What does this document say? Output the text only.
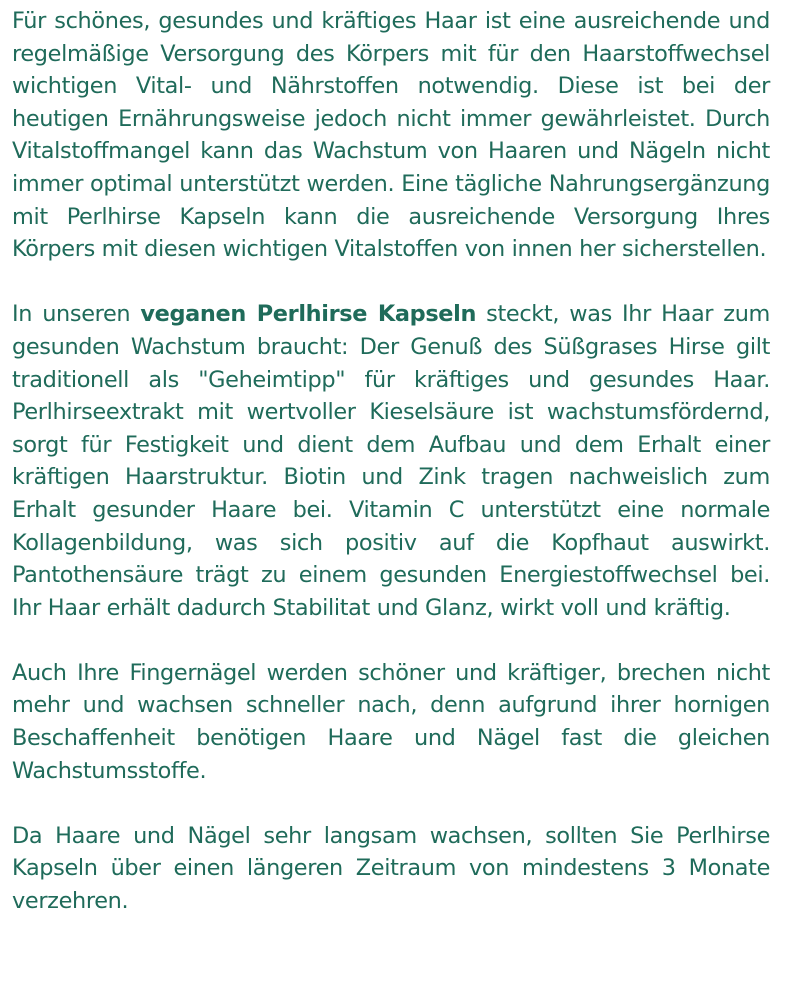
Für schönes, gesundes und kräftiges Haar ist eine ausreichende und regelmäßige Versorgung des Körpers mit für den Haarstoffwechsel wichtigen Vital- und Nährstoffen notwendig. Diese ist bei der heutigen Ernährungsweise jedoch nicht immer gewährleistet. Durch Vitalstoffmangel kann das Wachstum von Haaren und Nägeln nicht immer optimal unterstützt werden. Eine tägliche Nahrungsergänzung mit Perlhirse Kapseln kann die ausreichende Versorgung Ihres Körpers mit diesen wichtigen Vitalstoffen von innen her sicherstellen.

In unseren veganen Perlhirse Kapseln steckt, was Ihr Haar zum gesunden Wachstum braucht: Der Genuß des Süßgrases Hirse gilt traditionell als "Geheimtipp" für kräftiges und gesundes Haar. Perlhirseextrakt mit wertvoller Kieselsäure ist wachstumsfördernd, sorgt für Festigkeit und dient dem Aufbau und dem Erhalt einer kräftigen Haarstruktur. Biotin und Zink tragen nachweislich zum Erhalt gesunder Haare bei. Vitamin C unterstützt eine normale Kollagenbildung, was sich positiv auf die Kopfhaut auswirkt. Pantothensäure trägt zu einem gesunden Energiestoffwechsel bei. Ihr Haar erhält dadurch Stabilitat und Glanz, wirkt voll und kräftig.

Auch Ihre Fingernägel werden schöner und kräftiger, brechen nicht mehr und wachsen schneller nach, denn aufgrund ihrer hornigen Beschaffenheit benötigen Haare und Nägel fast die gleichen Wachstumsstoffe.

Da Haare und Nägel sehr langsam wachsen, sollten Sie Perlhirse Kapseln über einen längeren Zeitraum von mindestens 3 Monate verzehren.
